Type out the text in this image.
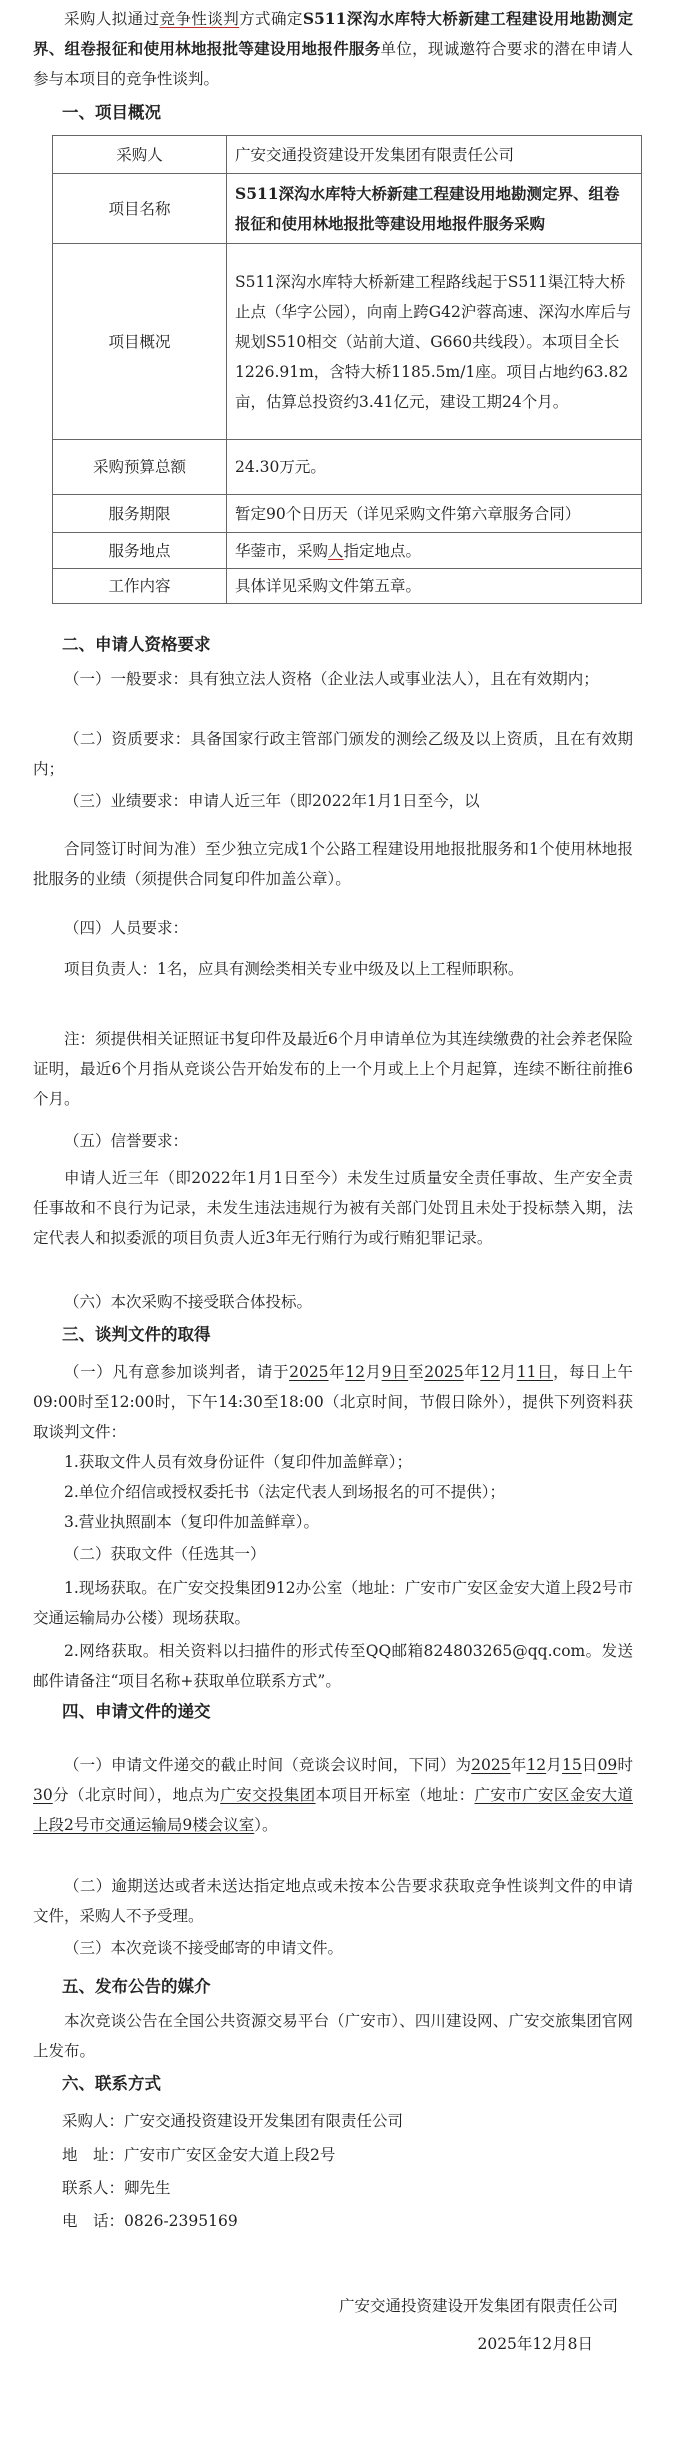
采购人拟通过竞争性谈判方式确定S511深沟水库特大桥新建工程建设用地勘测定界、组卷报征和使用林地报批等建设用地报件服务单位，现诚邀符合要求的潜在申请人参与本项目的竞争性谈判。
一、项目概况
采购人	广安交通投资建设开发集团有限责任公司
项目名称	S511深沟水库特大桥新建工程建设用地勘测定界、组卷报征和使用林地报批等建设用地报件服务采购
项目概况	S511深沟水库特大桥新建工程路线起于S511渠江特大桥止点（华字公园），向南上跨G42沪蓉高速、深沟水库后与规划S510相交（站前大道、G660共线段）。本项目全长1226.91m，含特大桥1185.5m/1座。项目占地约63.82亩，估算总投资约3.41亿元，建设工期24个月。
采购预算总额	24.30万元。
服务期限	暂定90个日历天（详见采购文件第六章服务合同）
服务地点	华蓥市，采购人指定地点。
工作内容	具体详见采购文件第五章。
二、申请人资格要求
（一）一般要求：具有独立法人资格（企业法人或事业法人），且在有效期内；
（二）资质要求：具备国家行政主管部门颁发的测绘乙级及以上资质，且在有效期内；
（三）业绩要求：申请人近三年（即2022年1月1日至今，以
合同签订时间为准）至少独立完成1个公路工程建设用地报批服务和1个使用林地报批服务的业绩（须提供合同复印件加盖公章）。
（四）人员要求：
项目负责人：1名，应具有测绘类相关专业中级及以上工程师职称。
注：须提供相关证照证书复印件及最近6个月申请单位为其连续缴费的社会养老保险证明，最近6个月指从竞谈公告开始发布的上一个月或上上个月起算，连续不断往前推6个月。
（五）信誉要求：
申请人近三年（即2022年1月1日至今）未发生过质量安全责任事故、生产安全责任事故和不良行为记录，未发生违法违规行为被有关部门处罚且未处于投标禁入期，法定代表人和拟委派的项目负责人近3年无行贿行为或行贿犯罪记录。
（六）本次采购不接受联合体投标。
三、谈判文件的取得
（一）凡有意参加谈判者，请于2025年12月9日至2025年12月11日，每日上午09:00时至12:00时，下午14:30至18:00（北京时间，节假日除外），提供下列资料获取谈判文件：
1.获取文件人员有效身份证件（复印件加盖鲜章）；
2.单位介绍信或授权委托书（法定代表人到场报名的可不提供）；
3.营业执照副本（复印件加盖鲜章）。
（二）获取文件（任选其一）
1.现场获取。在广安交投集团912办公室（地址：广安市广安区金安大道上段2号市交通运输局办公楼）现场获取。
2.网络获取。相关资料以扫描件的形式传至QQ邮箱824803265@qq.com。发送邮件请备注“项目名称+获取单位联系方式”。
四、申请文件的递交
（一）申请文件递交的截止时间（竞谈会议时间，下同）为2025年12月15日09时30分（北京时间），地点为广安交投集团本项目开标室（地址：广安市广安区金安大道上段2号市交通运输局9楼会议室）。
（二）逾期送达或者未送达指定地点或未按本公告要求获取竞争性谈判文件的申请文件，采购人不予受理。
（三）本次竞谈不接受邮寄的申请文件。
五、发布公告的媒介
本次竞谈公告在全国公共资源交易平台（广安市）、四川建设网、广安交旅集团官网上发布。
六、联系方式
采购人：广安交通投资建设开发集团有限责任公司
地　址：广安市广安区金安大道上段2号
联系人：卿先生
电　话：0826-2395169
广安交通投资建设开发集团有限责任公司
2025年12月8日
